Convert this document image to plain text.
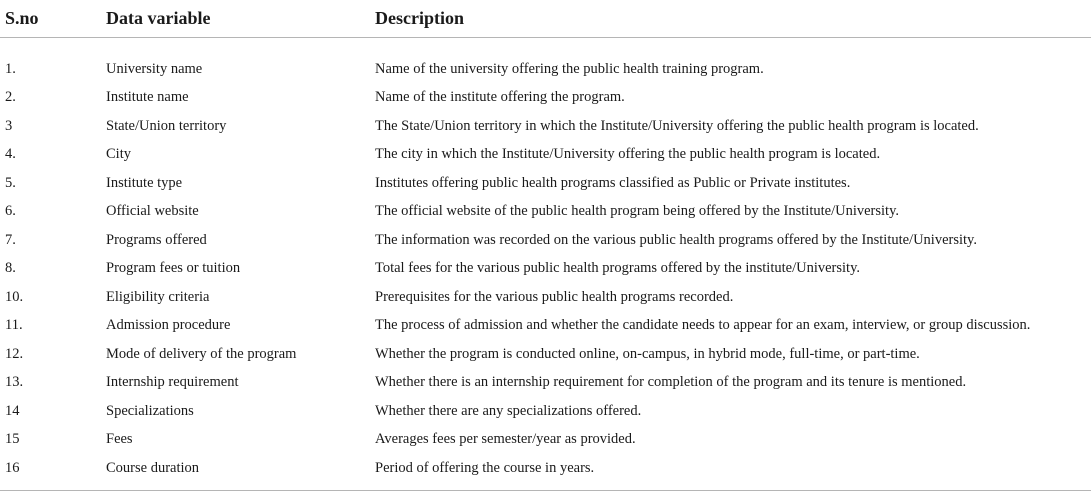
S.no	Data variable	Description
1.	University name	Name of the university offering the public health training program.
2.	Institute name	Name of the institute offering the program.
3	State/Union territory	The State/Union territory in which the Institute/University offering the public health program is located.
4.	City	The city in which the Institute/University offering the public health program is located.
5.	Institute type	Institutes offering public health programs classified as Public or Private institutes.
6.	Official website	The official website of the public health program being offered by the Institute/University.
7.	Programs offered	The information was recorded on the various public health programs offered by the Institute/University.
8.	Program fees or tuition	Total fees for the various public health programs offered by the institute/University.
10.	Eligibility criteria	Prerequisites for the various public health programs recorded.
11.	Admission procedure	The process of admission and whether the candidate needs to appear for an exam, interview, or group discussion.
12.	Mode of delivery of the program	Whether the program is conducted online, on-campus, in hybrid mode, full-time, or part-time.
13.	Internship requirement	Whether there is an internship requirement for completion of the program and its tenure is mentioned.
14	Specializations	Whether there are any specializations offered.
15	Fees	Averages fees per semester/year as provided.
16	Course duration	Period of offering the course in years.
